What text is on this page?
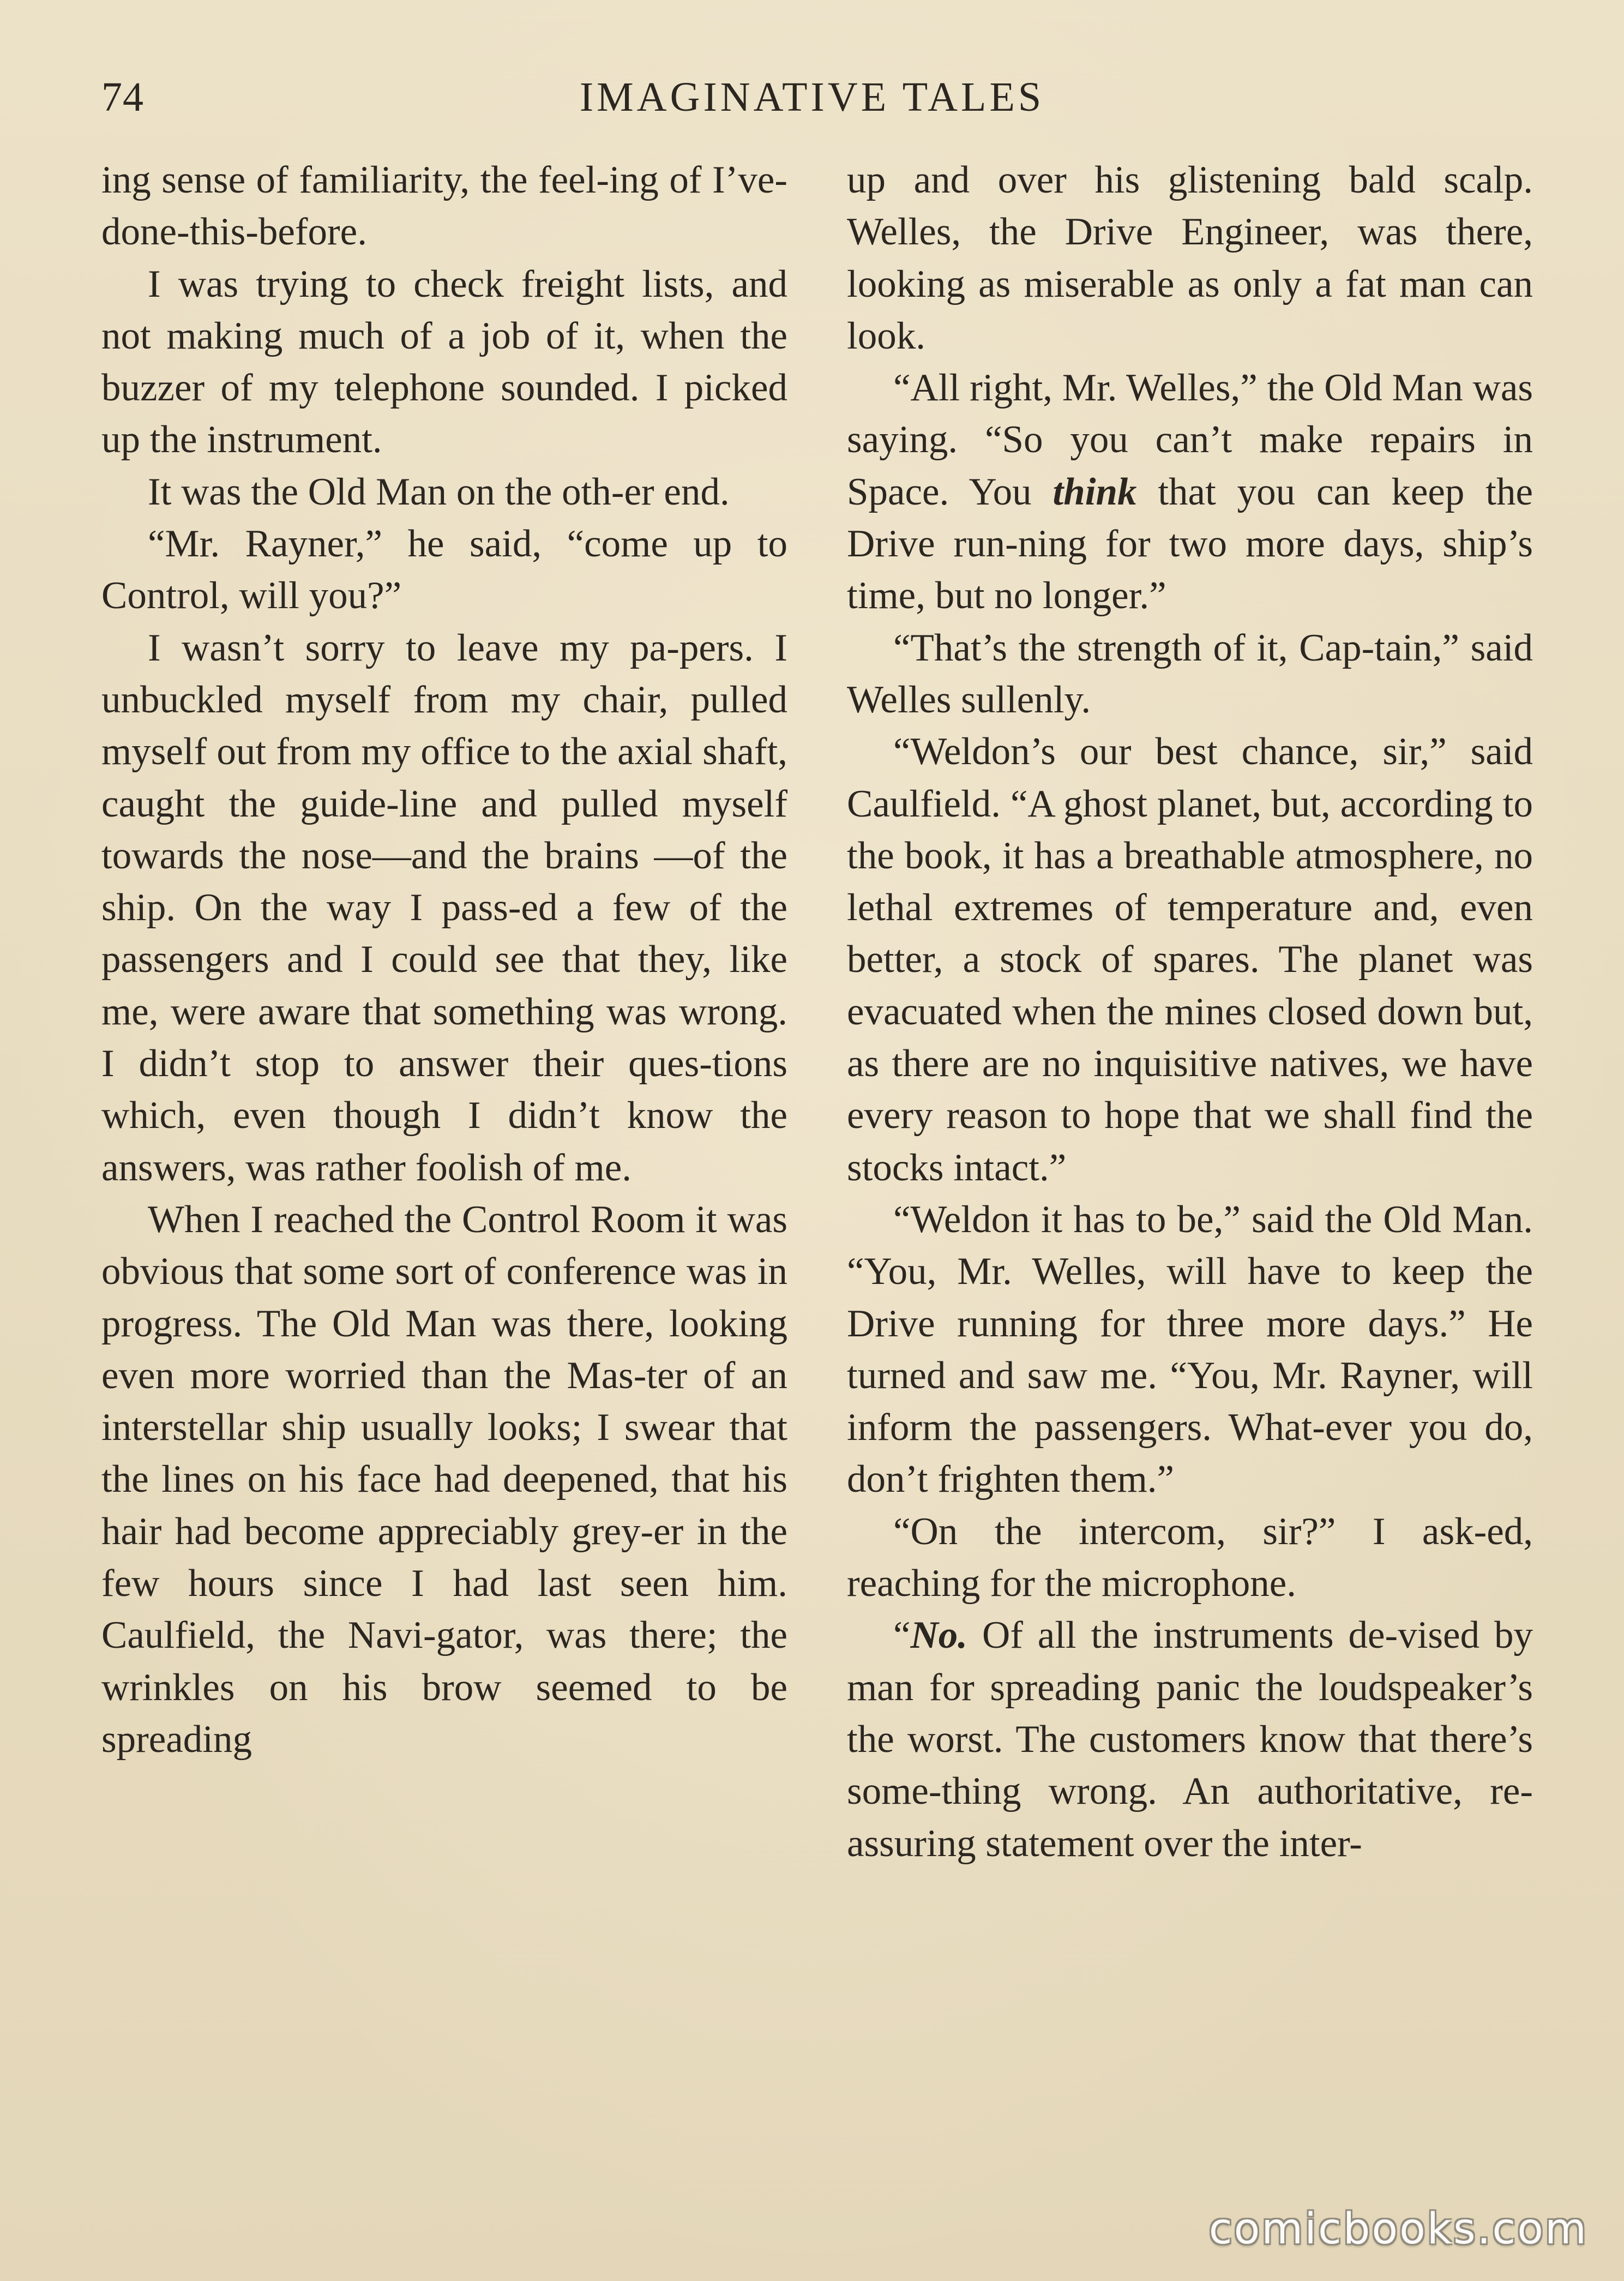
74	IMAGINATIVE TALES

ing sense of familiarity, the feel-ing of I’ve-done-this-before.

I was trying to check freight lists, and not making much of a job of it, when the buzzer of my telephone sounded. I picked up the instrument.

It was the Old Man on the oth-er end.

“Mr. Rayner,” he said, “come up to Control, will you?”

I wasn’t sorry to leave my pa-pers. I unbuckled myself from my chair, pulled myself out from my office to the axial shaft, caught the guide-line and pulled myself towards the nose—and the brains —of the ship. On the way I pass-ed a few of the passengers and I could see that they, like me, were aware that something was wrong. I didn’t stop to answer their ques-tions which, even though I didn’t know the answers, was rather foolish of me.

When I reached the Control Room it was obvious that some sort of conference was in progress. The Old Man was there, looking even more worried than the Mas-ter of an interstellar ship usually looks; I swear that the lines on his face had deepened, that his hair had become appreciably grey-er in the few hours since I had last seen him. Caulfield, the Navi-gator, was there; the wrinkles on his brow seemed to be spreading

up and over his glistening bald scalp. Welles, the Drive Engineer, was there, looking as miserable as only a fat man can look.

“All right, Mr. Welles,” the Old Man was saying. “So you can’t make repairs in Space. You think that you can keep the Drive run-ning for two more days, ship’s time, but no longer.”

“That’s the strength of it, Cap-tain,” said Welles sullenly.

“Weldon’s our best chance, sir,” said Caulfield. “A ghost planet, but, according to the book, it has a breathable atmosphere, no lethal extremes of temperature and, even better, a stock of spares. The planet was evacuated when the mines closed down but, as there are no inquisitive natives, we have every reason to hope that we shall find the stocks intact.”

“Weldon it has to be,” said the Old Man. “You, Mr. Welles, will have to keep the Drive running for three more days.” He turned and saw me. “You, Mr. Rayner, will inform the passengers. What-ever you do, don’t frighten them.”

“On the intercom, sir?” I ask-ed, reaching for the microphone.

“No. Of all the instruments de-vised by man for spreading panic the loudspeaker’s the worst. The customers know that there’s some-thing wrong. An authoritative, re-assuring statement over the inter-

comicbooks.com
